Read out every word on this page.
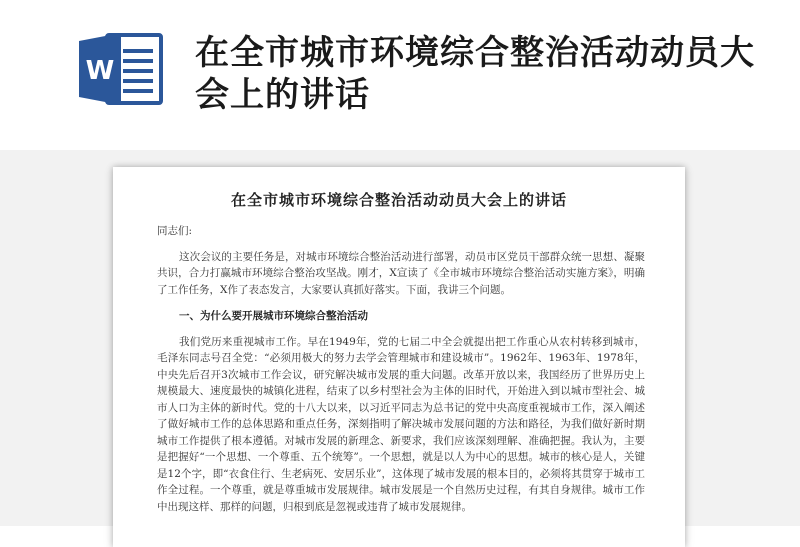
W 在全市城市环境综合整治活动动员大会上的讲话
在全市城市环境综合整治活动动员大会上的讲话

同志们:

这次会议的主要任务是，对城市环境综合整治活动进行部署，动员市区党员干部群众统一思想、凝聚共识，合力打赢城市环境综合整治攻坚战。刚才，X宣读了《全市城市环境综合整治活动实施方案》，明确了工作任务，X作了表态发言，大家要认真抓好落实。下面，我讲三个问题。

一、为什么要开展城市环境综合整治活动

我们党历来重视城市工作。早在1949年，党的七届二中全会就提出把工作重心从农村转移到城市，毛泽东同志号召全党：“必须用极大的努力去学会管理城市和建设城市”。1962年、1963年、1978年，中央先后召开3次城市工作会议，研究解决城市发展的重大问题。改革开放以来，我国经历了世界历史上规模最大、速度最快的城镇化进程，结束了以乡村型社会为主体的旧时代，开始进入到以城市型社会、城市人口为主体的新时代。党的十八大以来，以习近平同志为总书记的党中央高度重视城市工作，深入阐述了做好城市工作的总体思路和重点任务，深刻指明了解决城市发展问题的方法和路径，为我们做好新时期城市工作提供了根本遵循。对城市发展的新理念、新要求，我们应该深刻理解、准确把握。我认为，主要是把握好“一个思想、一个尊重、五个统筹”。一个思想，就是以人为中心的思想。城市的核心是人，关键是12个字，即“衣食住行、生老病死、安居乐业”，这体现了城市发展的根本目的，必须将其贯穿于城市工作全过程。一个尊重，就是尊重城市发展规律。城市发展是一个自然历史过程，有其自身规律。城市工作中出现这样、那样的问题，归根到底是忽视或违背了城市发展规律。
